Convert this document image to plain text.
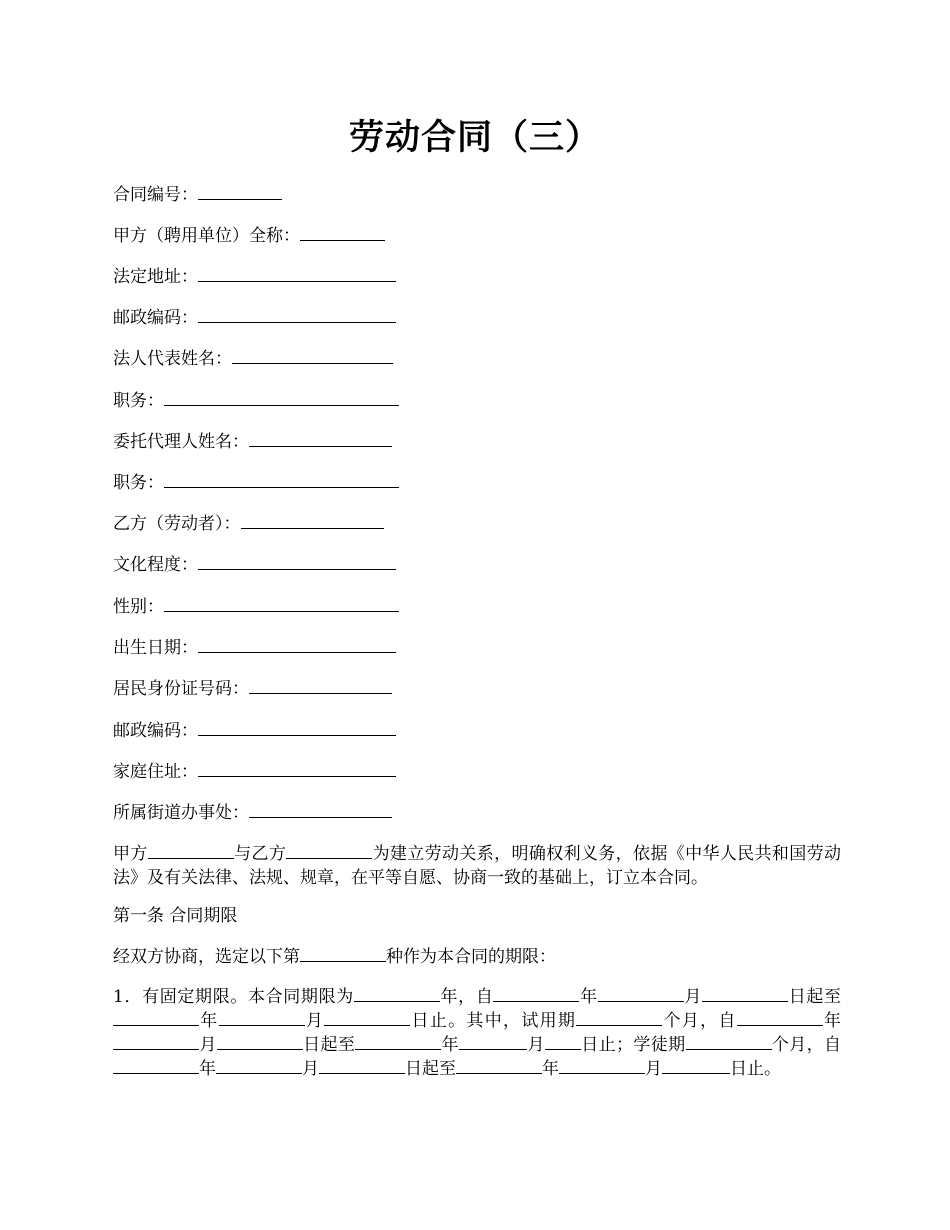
劳动合同（三）
合同编号：
甲方（聘用单位）全称：
法定地址：
邮政编码：
法人代表姓名：
职务：
委托代理人姓名：
职务：
乙方（劳动者）：
文化程度：
性别：
出生日期：
居民身份证号码：
邮政编码：
家庭住址：
所属街道办事处：
甲方	与乙方	为建立劳动关系，明确权利义务，依据《中华人民共和国劳动法》及有关法律、法规、规章，在平等自愿、协商一致的基础上，订立本合同。
第一条 合同期限
经双方协商，选定以下第	种作为本合同的期限：
1．有固定期限。本合同期限为	年，自	年	月	日起至年	月	日止。其中，试用期	个月，自	年月	日起至	年	月 日止；学徒期	个月，自年	月	日起至	年	月	日止。
